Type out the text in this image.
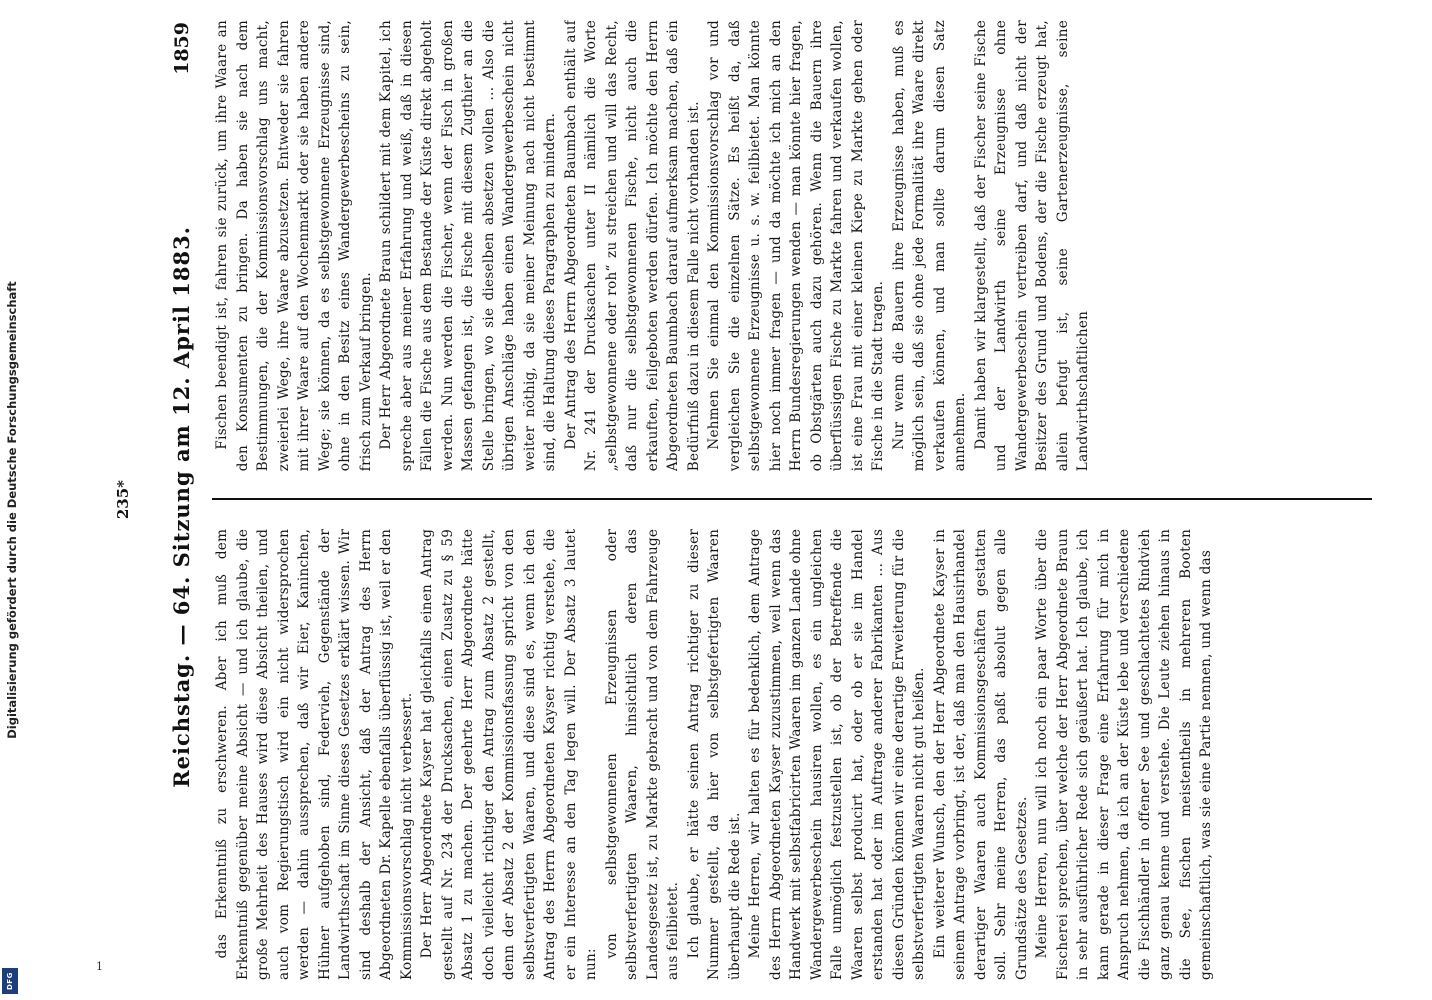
Digitalisierung gefördert durch die Deutsche Forschungsgemeinschaft
DFG
1
1859
Reichstag. — 64. Sitzung am 12. April 1883. das Erkenntniß zu erschweren. Aber ich muß dem Erkenntniß gegenüber meine Absicht — und ich glaube, die große Mehrheit des Hauses wird diese Absicht theilen, und auch vom Regierungstisch wird ein nicht widersprochen werden — dahin aussprechen, daß wir Eier, Kaninchen, Hühner aufgehoben sind, Federvieh, Gegenstände der Landwirthschaft im Sinne dieses Gesetzes erklärt wissen. Wir sind deshalb der Ansicht, daß der Antrag des Herrn Abgeordneten Dr. Kapelle ebenfalls überflüssig ist, weil er den Kommissionsvorschlag nicht verbessert. Der Herr Abgeordnete Kayser hat gleichfalls einen Antrag gestellt auf Nr. 234 der Drucksachen, einen Zusatz zu § 59 Absatz 1 zu machen. Der geehrte Herr Abgeordnete hätte doch vielleicht richtiger den Antrag zum Absatz 2 gestellt, denn der Absatz 2 der Kommissionsfassung spricht von den selbstverfertigten Waaren, und diese sind es, wenn ich den Antrag des Herrn Abgeordneten Kayser richtig verstehe, die er ein Interesse an den Tag legen will. Der Absatz 3 lautet nun:

von selbstgewonnenen Erzeugnissen oder selbstverfertigten Waaren, hinsichtlich deren das Landesgesetz ist, zu Markte gebracht und von dem Fahrzeuge aus feilbietet. Ich glaube, er hätte seinen Antrag richtiger zu dieser Nummer gestellt, da hier von selbstgefertigten Waaren überhaupt die Rede ist. Meine Herren, wir halten es für bedenklich, dem Antrage des Herrn Abgeordneten Kayser zuzustimmen, weil wenn das Handwerk mit selbstfabricirten Waaren im ganzen Lande ohne Wandergewerbeschein hausiren wollen, es ein ungleichen Falle unmöglich festzustellen ist, ob der Betreffende die Waaren selbst producirt hat, oder ob er sie im Handel erstanden hat oder im Auftrage anderer Fabrikanten ... Aus diesen Gründen können wir eine derartige Erweiterung für die selbstverfertigten Waaren nicht gut heißen. Ein weiterer Wunsch, den der Herr Abgeordnete Kayser in seinem Antrage vorbringt, ist der, daß man den Hausirhandel derartiger Waaren auch Kommissionsgeschäften gestatten soll. Sehr meine Herren, das paßt absolut gegen alle Grundsätze des Gesetzes. Meine Herren, nun will ich noch ein paar Worte über die Fischerei sprechen, über welche der Herr Abgeordnete Braun in sehr ausführlicher Rede sich geäußert hat. Ich glaube, ich kann gerade in dieser Frage eine Erfahrung für mich in Anspruch nehmen, da ich an der Küste lebe und verschiedene die Fischhändler in offener See und geschlachtetes Rindvieh ganz genau kenne und verstehe. Die Leute ziehen hinaus in die See, fischen meistentheils in mehreren Booten gemeinschaftlich, was sie eine Partie nennen, und wenn das

Fischen beendigt ist, fahren sie zurück, um ihre Waare an den Konsumenten zu bringen. Da haben sie nach dem Bestimmungen, die der Kommissionsvorschlag uns macht, zweierlei Wege, ihre Waare abzusetzen. Entweder sie fahren mit ihrer Waare auf den Wochenmarkt oder sie haben andere Wege; sie können, da es selbstgewonnene Erzeugnisse sind, ohne in den Besitz eines Wandergewerbescheins zu sein, frisch zum Verkauf bringen. Der Herr Abgeordnete Braun schildert mit dem Kapitel, ich spreche aber aus meiner Erfahrung und weiß, daß in diesen Fällen die Fische aus dem Bestande der Küste direkt abgeholt werden. Nun werden die Fischer, wenn der Fisch in großen Massen gefangen ist, die Fische mit diesem Zugthier an die Stelle bringen, wo sie dieselben absetzen wollen ... Also die übrigen Anschläge haben einen Wandergewerbeschein nicht weiter nöthig, da sie meiner Meinung nach nicht bestimmt sind, die Haltung dieses Paragraphen zu mindern. Der Antrag des Herrn Abgeordneten Baumbach enthält auf Nr. 241 der Drucksachen unter II nämlich die Worte „selbstgewonnene oder roh“ zu streichen und will das Recht, daß nur die selbstgewonnenen Fische, nicht auch die erkauften, feilgeboten werden dürfen. Ich möchte den Herrn Abgeordneten Baumbach darauf aufmerksam machen, daß ein Bedürfniß dazu in diesem Falle nicht vorhanden ist. Nehmen Sie einmal den Kommissionsvorschlag vor und vergleichen Sie die einzelnen Sätze. Es heißt da, daß selbstgewonnene Erzeugnisse u. s. w. feilbietet. Man könnte hier noch immer fragen — und da möchte ich mich an den Herrn Bundesregierungen wenden — man könnte hier fragen, ob Obstgärten auch dazu gehören. Wenn die Bauern ihre überflüssigen Fische zu Markte fahren und verkaufen wollen, ist eine Frau mit einer kleinen Kiepe zu Markte gehen oder Fische in die Stadt tragen. Nur wenn die Bauern ihre Erzeugnisse haben, muß es möglich sein, daß sie ohne jede Formalität ihre Waare direkt verkaufen können, und man sollte darum diesen Satz annehmen. Damit haben wir klargestellt, daß der Fischer seine Fische und der Landwirth seine Erzeugnisse ohne Wandergewerbeschein vertreiben darf, und daß nicht der Besitzer des Grund und Bodens, der die Fische erzeugt hat, allein befugt ist, seine Gartenerzeugnisse, seine Landwirthschaftlichen

235*
